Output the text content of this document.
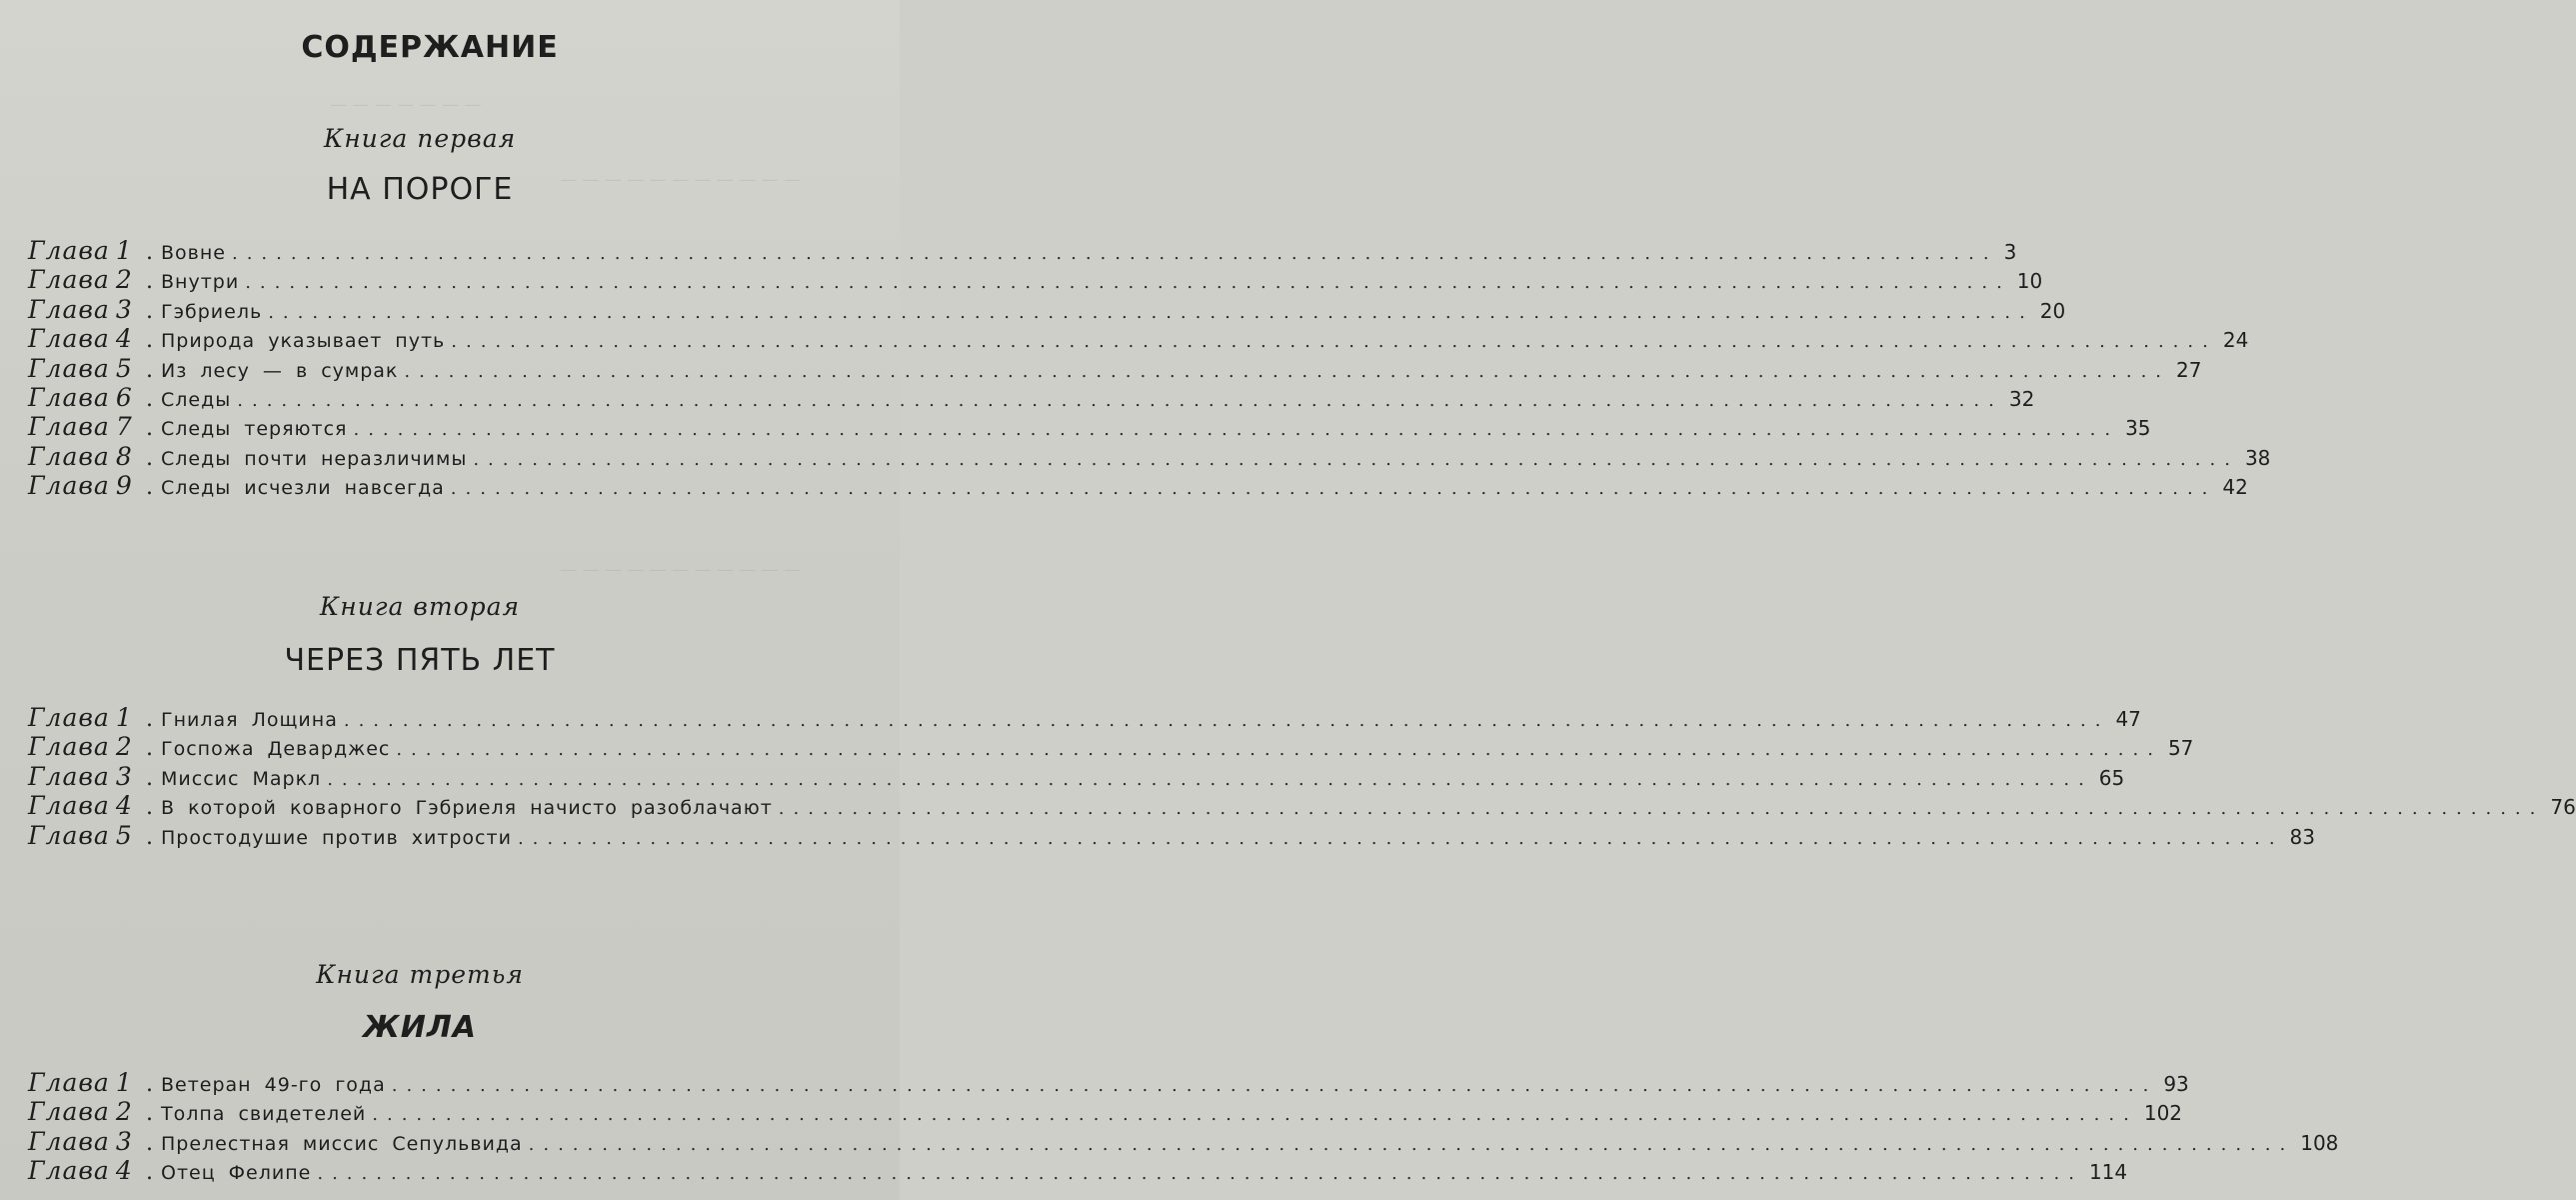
— — — — — — —
— — — — — — — — — — —
— — — — — — — — — — —
СОДЕРЖАНИЕ
Книга первая
НА ПОРОГЕ
Глава 1 . Вовне ........................................................................................................................ 3
Глава 2 . Внутри ........................................................................................................................ 10
Глава 3 . Гэбриель ........................................................................................................................ 20
Глава 4 . Природа указывает путь ........................................................................................................................ 24
Глава 5 . Из лесу — в сумрак ........................................................................................................................ 27
Глава 6 . Следы ........................................................................................................................ 32
Глава 7 . Следы теряются ........................................................................................................................ 35
Глава 8 . Следы почти неразличимы ........................................................................................................................ 38
Глава 9 . Следы исчезли навсегда ........................................................................................................................ 42
Книга вторая
ЧЕРЕЗ ПЯТЬ ЛЕТ
Глава 1 . Гнилая Лощина ........................................................................................................................ 47
Глава 2 . Госпожа Деварджес ........................................................................................................................ 57
Глава 3 . Миссис Маркл ........................................................................................................................ 65
Глава 4 . В которой коварного Гэбриеля начисто разоблачают ........................................................................................................................ 76
Глава 5 . Простодушие против хитрости ........................................................................................................................ 83
Книга третья
ЖИЛА
Глава 1 . Ветеран 49-го года ........................................................................................................................ 93
Глава 2 . Толпа свидетелей ........................................................................................................................ 102
Глава 3 . Прелестная миссис Сепульвида ........................................................................................................................ 108
Глава 4 . Отец Фелипе ........................................................................................................................ 114
